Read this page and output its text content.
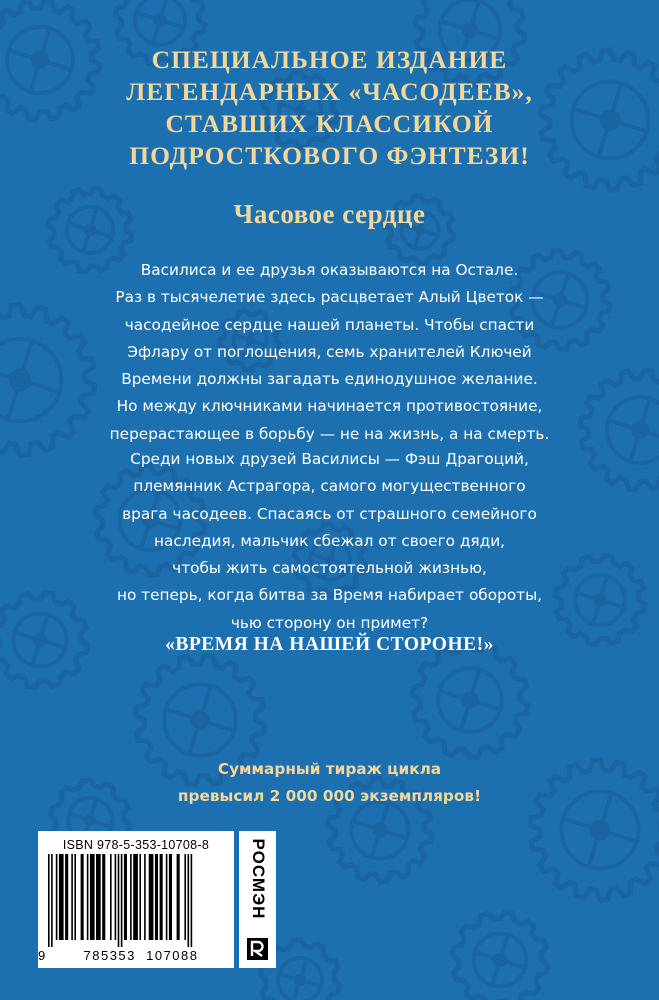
СПЕЦИАЛЬНОЕ ИЗДАНИЕ
ЛЕГЕНДАРНЫХ «ЧАСОДЕЕВ»,
СТАВШИХ КЛАССИКОЙ
ПОДРОСТКОВОГО ФЭНТЕЗИ!
Часовое сердце
Василиса и ее друзья оказываются на Остале.
Раз в тысячелетие здесь расцветает Алый Цветок —
часодейное сердце нашей планеты. Чтобы спасти
Эфлару от поглощения, семь хранителей Ключей
Времени должны загадать единодушное желание.
Но между ключниками начинается противостояние,
перерастающее в борьбу — не на жизнь, а на смерть.
Среди новых друзей Василисы — Фэш Драгоций,
племянник Астрагора, самого могущественного
врага часодеев. Спасаясь от страшного семейного
наследия, мальчик сбежал от своего дяди,
чтобы жить самостоятельной жизнью,
но теперь, когда битва за Время набирает обороты,
чью сторону он примет?
«ВРЕМЯ НА НАШЕЙ СТОРОНЕ!»
Суммарный тираж цикла
превысил 2 000 000 экземпляров!
ISBN 978-5-353-10708-8
9	785353  107088
РОСМЭН
